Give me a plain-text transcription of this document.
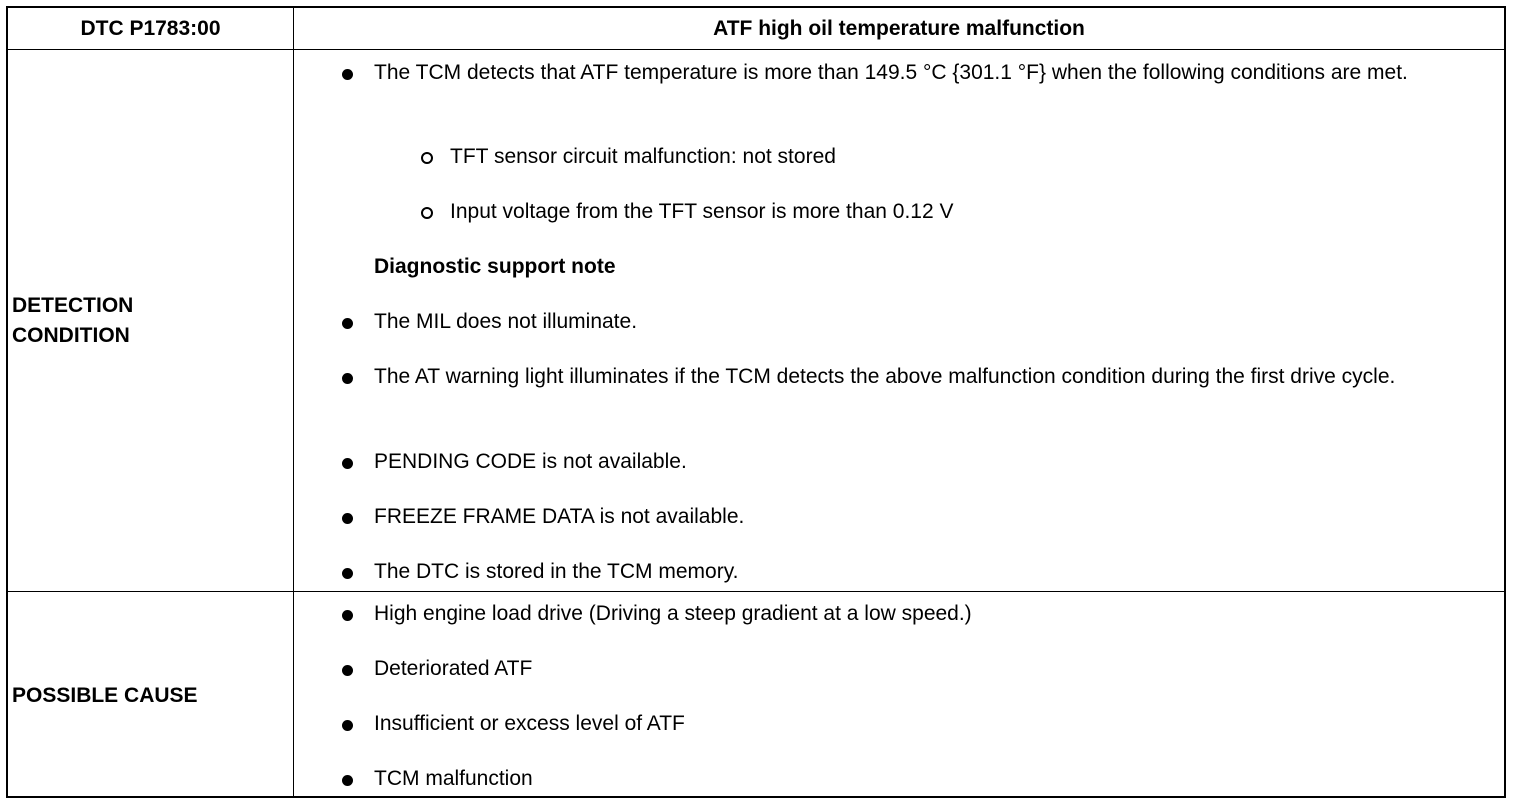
DTC P1783:00	ATF high oil temperature malfunction
DETECTION
CONDITION
The TCM detects that ATF temperature is more than 149.5 °C {301.1 °F} when the following conditions are met.
TFT sensor circuit malfunction: not stored
Input voltage from the TFT sensor is more than 0.12 V
Diagnostic support note
The MIL does not illuminate.
The AT warning light illuminates if the TCM detects the above malfunction condition during the first drive cycle.
PENDING CODE is not available.
FREEZE FRAME DATA is not available.
The DTC is stored in the TCM memory.
POSSIBLE CAUSE
High engine load drive (Driving a steep gradient at a low speed.)
Deteriorated ATF
Insufficient or excess level of ATF
TCM malfunction
